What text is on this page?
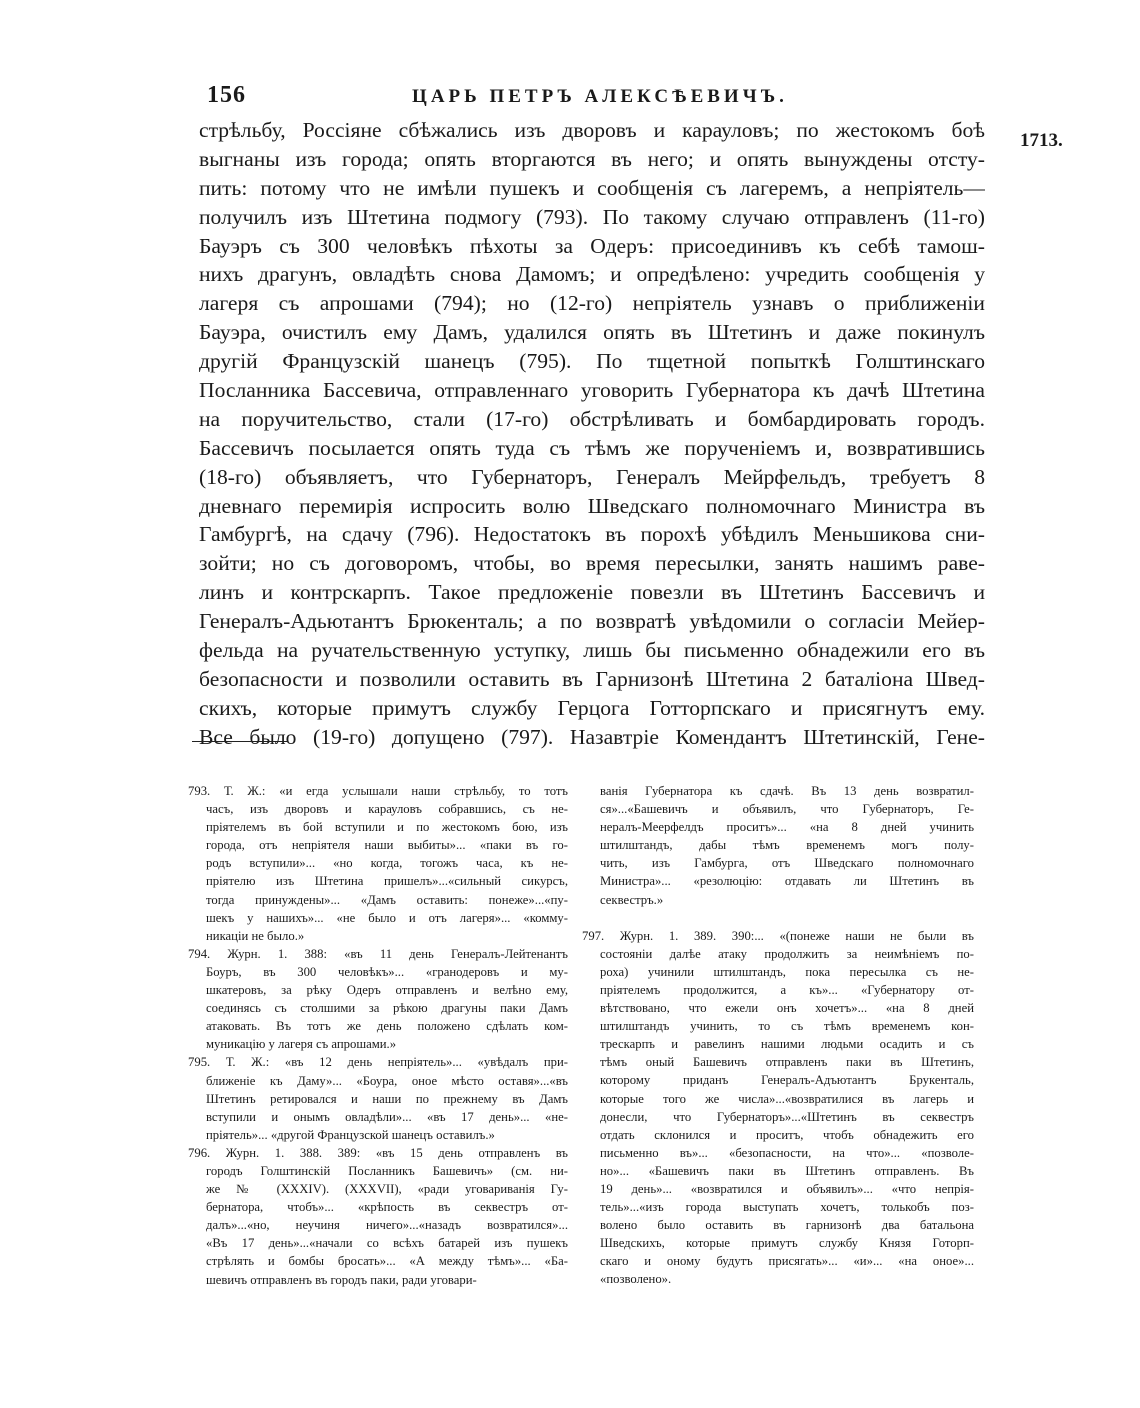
156	ЦАРЬ ПЕТРЪ АЛЕКСѢЕВИЧЪ.
1713.
стрѣльбу, Россіяне сбѣжались изъ дворовъ и карауловъ; по жестокомъ боѣ
выгнаны изъ города; опять вторгаются въ него; и опять вынуждены отсту-
пить: потому что не имѣли пушекъ и сообщенія съ лагеремъ, а непріятель—
получилъ изъ Штетина подмогу (793). По такому случаю отправленъ (11-го)
Бауэръ съ 300 человѣкъ пѣхоты за Одеръ: присоединивъ къ себѣ тамош-
нихъ драгунъ, овладѣть снова Дамомъ; и опредѣлено: учредить сообщенія у
лагеря съ апрошами (794); но (12-го) непріятель узнавъ о приближеніи
Бауэра, очистилъ ему Дамъ, удалился опять въ Штетинъ и даже покинулъ
другій Французскій шанецъ (795). По тщетной попыткѣ Голштинскаго
Посланника Бассевича, отправленнаго уговорить Губернатора къ дачѣ Штетина
на поручительство, стали (17-го) обстрѣливать и бомбардировать городъ.
Бассевичъ посылается опять туда съ тѣмъ же порученіемъ и, возвратившись
(18-го) объявляетъ, что Губернаторъ, Генералъ Мейрфельдъ, требуетъ 8
дневнаго перемирія испросить волю Шведскаго полномочнаго Министра въ
Гамбургѣ, на сдачу (796). Недостатокъ въ порохѣ убѣдилъ Меньшикова сни-
зойти; но съ договоромъ, чтобы, во время пересылки, занять нашимъ раве-
линъ и контрскарпъ. Такое предложеніе повезли въ Штетинъ Бассевичъ и
Генералъ-Адьютантъ Брюкенталь; а по возвратѣ увѣдомили о согласіи Мейер-
фельда на ручательственную уступку, лишь бы письменно обнадежили его въ
безопасности и позволили оставить въ Гарнизонѣ Штетина 2 баталіона Швед-
скихъ, которые примутъ службу Герцога Готторпскаго и присягнутъ ему.
Все было (19-го) допущено (797). Назавтріе Комендантъ Штетинскій, Гене-
793. Т. Ж.: «и егда услышали наши стрѣльбу, то тотъ
часъ, изъ дворовъ и карауловъ собравшись, съ не-
пріятелемъ въ бой вступили и по жестокомъ бою, изъ
города, отъ непріятеля наши выбиты»... «паки въ го-
родъ вступили»... «но когда, тогожъ часа, къ не-
пріятелю изъ Штетина пришелъ»...«сильный сикурсъ,
тогда принуждены»... «Дамъ оставить: понеже»...«пу-
шекъ у нашихъ»... «не было и отъ лагеря»... «комму-
никаціи не было.»
794. Журн. 1. 388: «въ 11 день Генералъ-Лейтенантъ
Боуръ, въ 300 человѣкъ»... «гранодеровъ и му-
шкатеровъ, за рѣку Одеръ отправленъ и велѣно ему,
соединясь съ столшими за рѣкою драгуны паки Дамъ
атаковать. Въ тотъ же день положено сдѣлать ком-
муникацію у лагеря съ апрошами.»
795. Т. Ж.: «въ 12 день непріятель»... «увѣдалъ при-
ближеніе къ Даму»... «Боура, оное мѣсто оставя»...«въ
Штетинъ ретировался и наши по прежнему въ Дамъ
вступили и онымъ овладѣли»... «въ 17 день»... «не-
пріятель»... «другой Французской шанецъ оставилъ.»
796. Журн. 1. 388. 389: «въ 15 день отправленъ въ
городъ Голштинскій Посланникъ Башевичъ» (см. ни-
же № (XXXIV). (XXXVII), «ради уговариванія Гу-
бернатора, чтобъ»... «крѣпость въ секвестръ от-
далъ»...«но, неучиня ничего»...«назадъ возвратился»...
«Въ 17 день»...«начали со всѣхъ батарей изъ пушекъ
стрѣлять и бомбы бросать»... «А между тѣмъ»... «Ба-
шевичъ отправленъ въ городъ паки, ради уговари-
ванія Губернатора къ сдачѣ. Въ 13 день возвратил-
ся»...«Башевичъ и объявилъ, что Губернаторъ, Ге-
нералъ-Меерфелдъ проситъ»... «на 8 дней учинить
штилштандъ, дабы тѣмъ временемъ могъ полу-
чить, изъ Гамбурга, отъ Шведскаго полномочнаго
Министра»... «резолюцію: отдавать ли Штетинъ въ
секвестръ.»
797. Журн. 1. 389. 390:... «(понеже наши не были въ
состояніи далѣе атаку продолжить за неимѣніемъ по-
роха) учинили штилштандъ, пока пересылка съ не-
пріятелемъ продолжится, а къ»... «Губернатору от-
вѣтствовано, что ежели онъ хочетъ»... «на 8 дней
штилштандъ учинить, то съ тѣмъ временемъ кон-
трескарпъ и равелинъ нашими людьми осадить и съ
тѣмъ оный Башевичъ отправленъ паки въ Штетинъ,
которому приданъ Генералъ-Адъютантъ Брукенталь,
которые того же числа»...«возвратилися въ лагерь и
донесли, что Губернаторъ»...«Штетинъ въ секвестръ
отдать склонился и проситъ, чтобъ обнадежить его
письменно въ»... «безопасности, на что»... «позволе-
но»... «Башевичъ паки въ Штетинъ отправленъ. Въ
19 день»... «возвратился и объявилъ»... «что непрія-
тель»...«изъ города выступать хочетъ, толькобъ поз-
волено было оставить въ гарнизонѣ два батальона
Шведскихъ, которые примутъ службу Князя Готорп-
скаго и оному будутъ присягать»... «и»... «на оное»...
«позволено».
